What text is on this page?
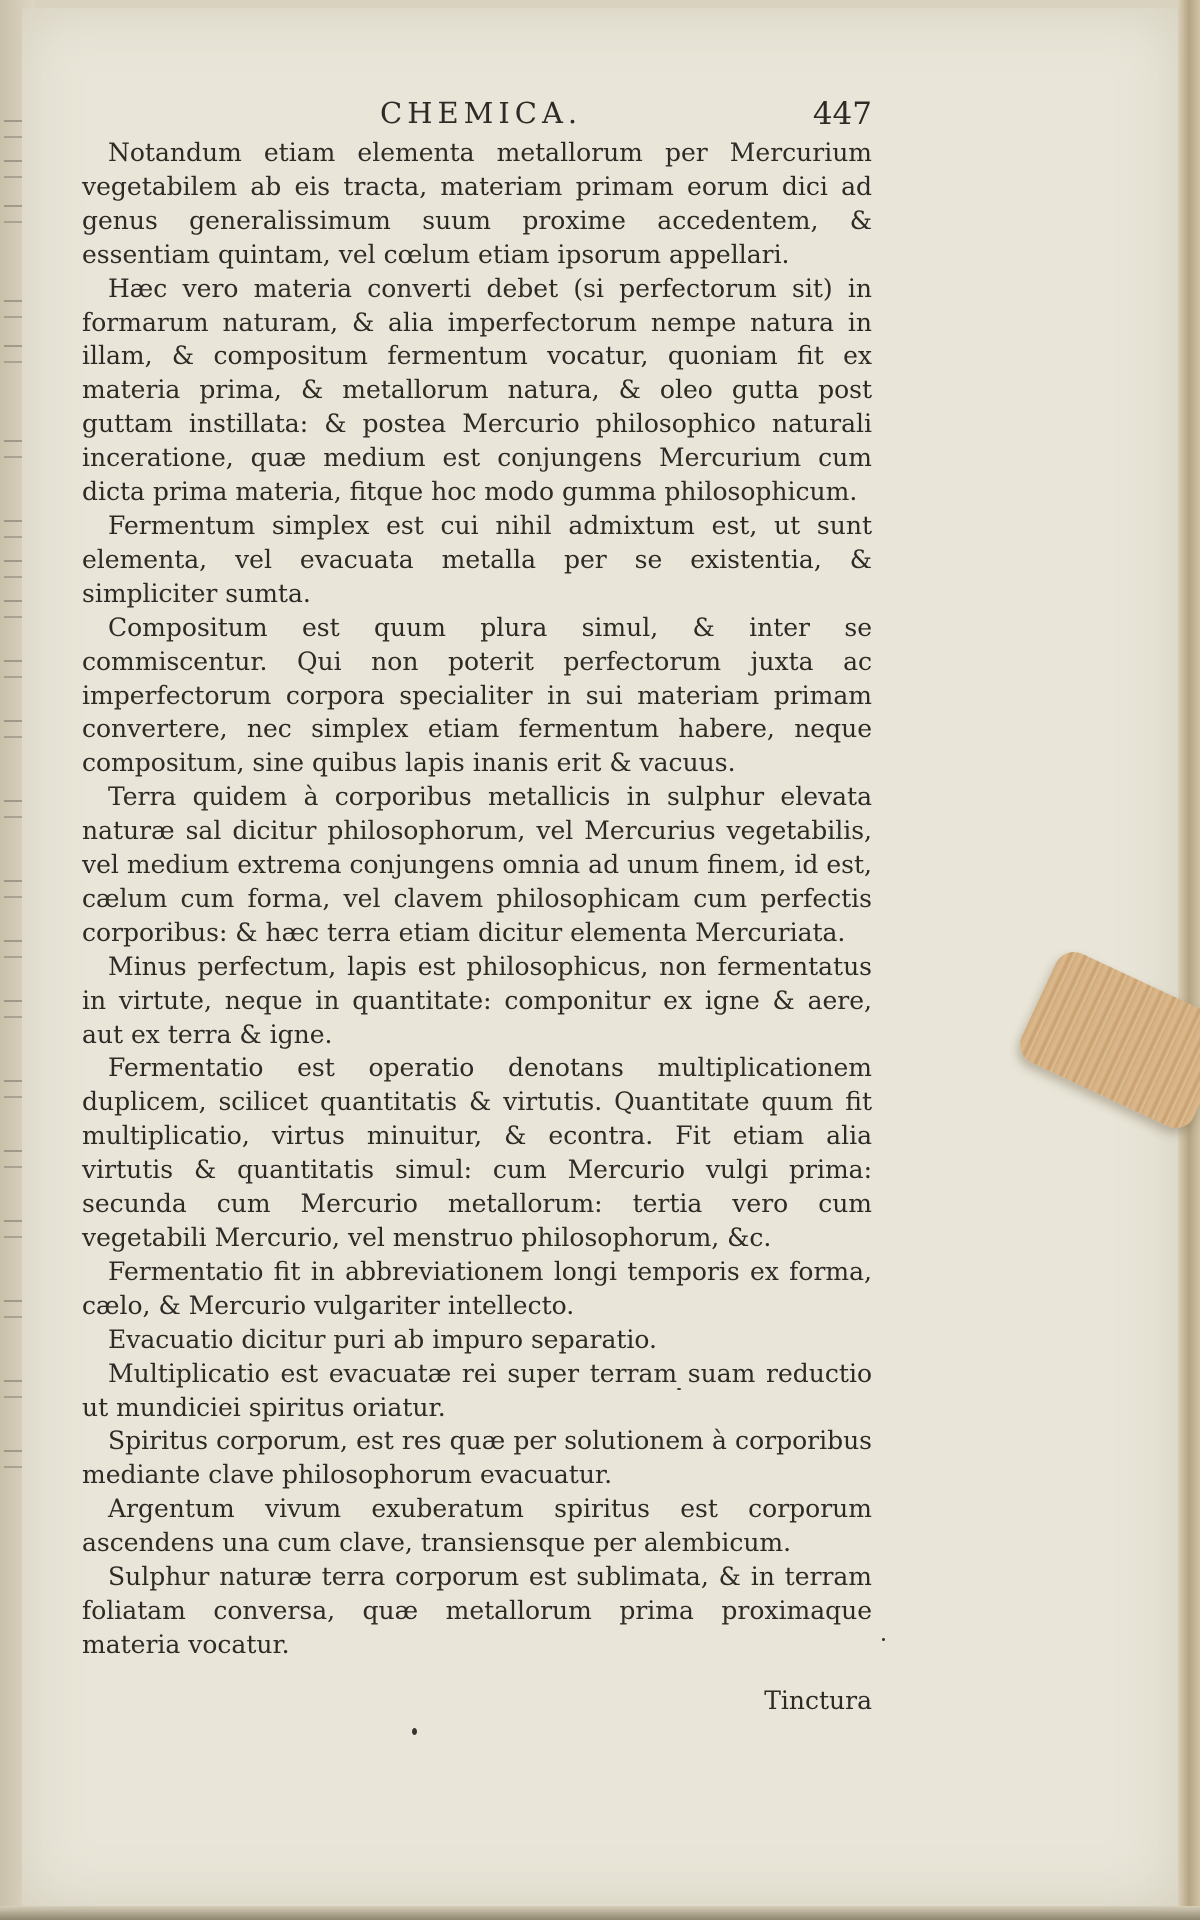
CHEMICA.	447

Notandum etiam elementa metallorum per Mercurium vegetabilem ab eis tracta, materiam primam eorum dici ad genus generalissimum suum proxime accedentem, & essentiam quintam, vel cœlum etiam ipsorum appellari.

Hæc vero materia converti debet (si perfectorum sit) in formarum naturam, & alia imperfectorum nempe natura in illam, & compositum fermentum vocatur, quoniam fit ex materia prima, & metallorum natura, & oleo gutta post guttam instillata: & postea Mercurio philosophico naturali inceratione, quæ medium est conjungens Mercurium cum dicta prima materia, fitque hoc modo gumma philosophicum.

Fermentum simplex est cui nihil admixtum est, ut sunt elementa, vel evacuata metalla per se existentia, & simpliciter sumta.

Compositum est quum plura simul, & inter se commiscentur. Qui non poterit perfectorum juxta ac imperfectorum corpora specialiter in sui materiam primam convertere, nec simplex etiam fermentum habere, neque compositum, sine quibus lapis inanis erit & vacuus.

Terra quidem à corporibus metallicis in sulphur elevata naturæ sal dicitur philosophorum, vel Mercurius vegetabilis, vel medium extrema conjungens omnia ad unum finem, id est, cælum cum forma, vel clavem philosophicam cum perfectis corporibus: & hæc terra etiam dicitur elementa Mercuriata.

Minus perfectum, lapis est philosophicus, non fermentatus in virtute, neque in quantitate: componitur ex igne & aere, aut ex terra & igne.

Fermentatio est operatio denotans multiplicationem duplicem, scilicet quantitatis & virtutis. Quantitate quum fit multiplicatio, virtus minuitur, & econtra. Fit etiam alia virtutis & quantitatis simul: cum Mercurio vulgi prima: secunda cum Mercurio metallorum: tertia vero cum vegetabili Mercurio, vel menstruo philosophorum, &c.

Fermentatio fit in abbreviationem longi temporis ex forma, cælo, & Mercurio vulgariter intellecto.

Evacuatio dicitur puri ab impuro separatio.

Multiplicatio est evacuatæ rei super terram suam reductio ut mundiciei spiritus oriatur.

Spiritus corporum, est res quæ per solutionem à corporibus mediante clave philosophorum evacuatur.

Argentum vivum exuberatum spiritus est corporum ascendens una cum clave, transiensque per alembicum.

Sulphur naturæ terra corporum est sublimata, & in terram foliatam conversa, quæ metallorum prima proximaque materia vocatur.

Tinctura
